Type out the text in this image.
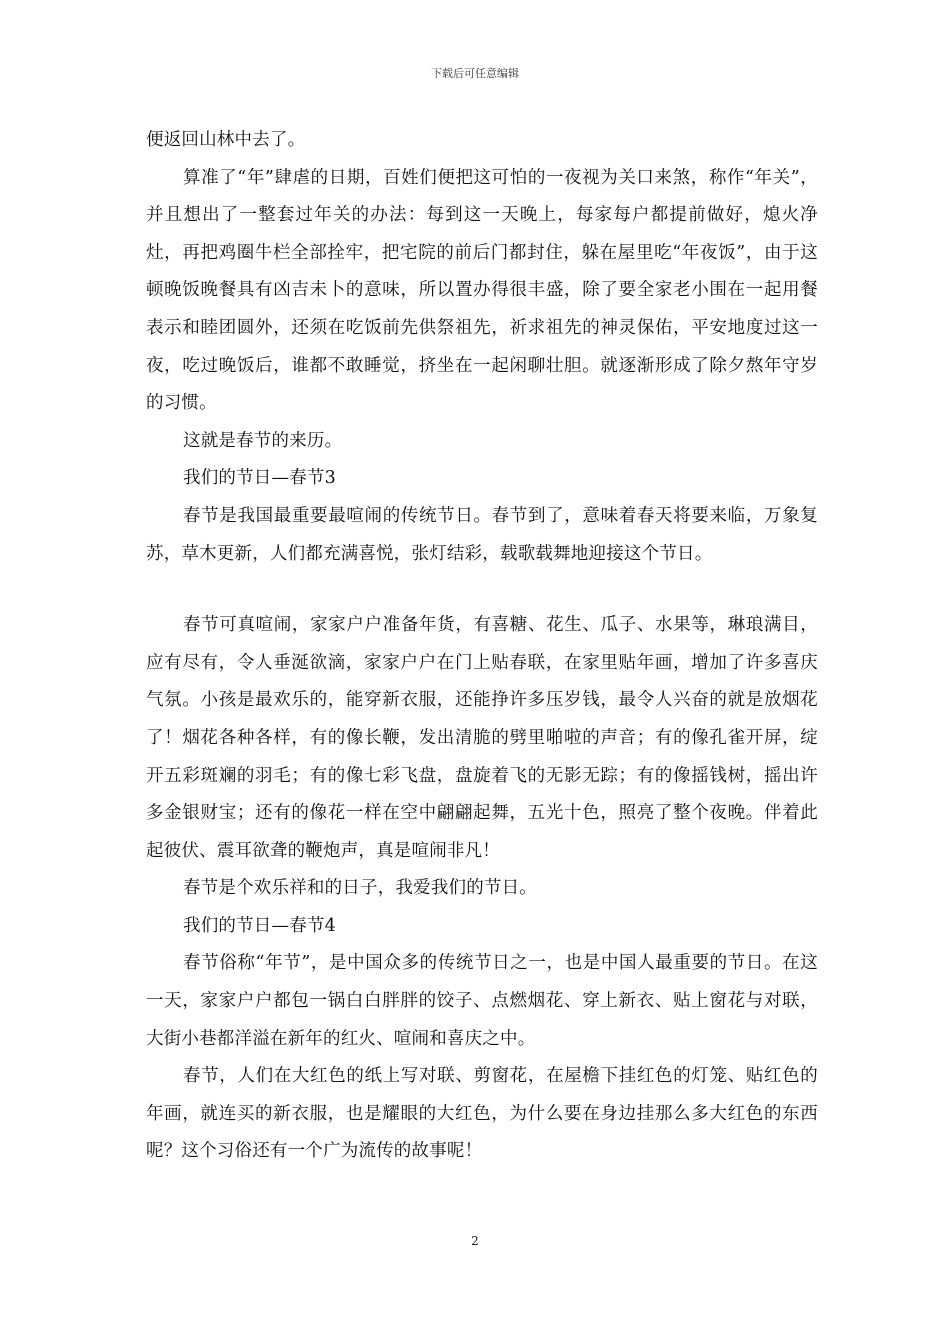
下载后可任意编辑

便返回山林中去了。

算准了“年”肆虐的日期，百姓们便把这可怕的一夜视为关口来煞，称作“年关”，并且想出了一整套过年关的办法：每到这一天晚上，每家每户都提前做好，熄火净灶，再把鸡圈牛栏全部拴牢，把宅院的前后门都封住，躲在屋里吃“年夜饭”，由于这顿晚饭晚餐具有凶吉未卜的意味，所以置办得很丰盛，除了要全家老小围在一起用餐表示和睦团圆外，还须在吃饭前先供祭祖先，祈求祖先的神灵保佑，平安地度过这一夜，吃过晚饭后，谁都不敢睡觉，挤坐在一起闲聊壮胆。就逐渐形成了除夕熬年守岁的习惯。

这就是春节的来历。

我们的节日—春节3

春节是我国最重要最喧闹的传统节日。春节到了，意味着春天将要来临，万象复苏，草木更新，人们都充满喜悦，张灯结彩，载歌载舞地迎接这个节日。

春节可真喧闹，家家户户准备年货，有喜糖、花生、瓜子、水果等，琳琅满目，应有尽有，令人垂涎欲滴，家家户户在门上贴春联，在家里贴年画，增加了许多喜庆气氛。小孩是最欢乐的，能穿新衣服，还能挣许多压岁钱，最令人兴奋的就是放烟花了！烟花各种各样，有的像长鞭，发出清脆的劈里啪啦的声音；有的像孔雀开屏，绽开五彩斑斓的羽毛；有的像七彩飞盘，盘旋着飞的无影无踪；有的像摇钱树，摇出许多金银财宝；还有的像花一样在空中翩翩起舞，五光十色，照亮了整个夜晚。伴着此起彼伏、震耳欲聋的鞭炮声，真是喧闹非凡！

春节是个欢乐祥和的日子，我爱我们的节日。

我们的节日—春节4

春节俗称“年节”，是中国众多的传统节日之一，也是中国人最重要的节日。在这一天，家家户户都包一锅白白胖胖的饺子、点燃烟花、穿上新衣、贴上窗花与对联，大街小巷都洋溢在新年的红火、喧闹和喜庆之中。

春节，人们在大红色的纸上写对联、剪窗花，在屋檐下挂红色的灯笼、贴红色的年画，就连买的新衣服，也是耀眼的大红色，为什么要在身边挂那么多大红色的东西呢？这个习俗还有一个广为流传的故事呢！

2
